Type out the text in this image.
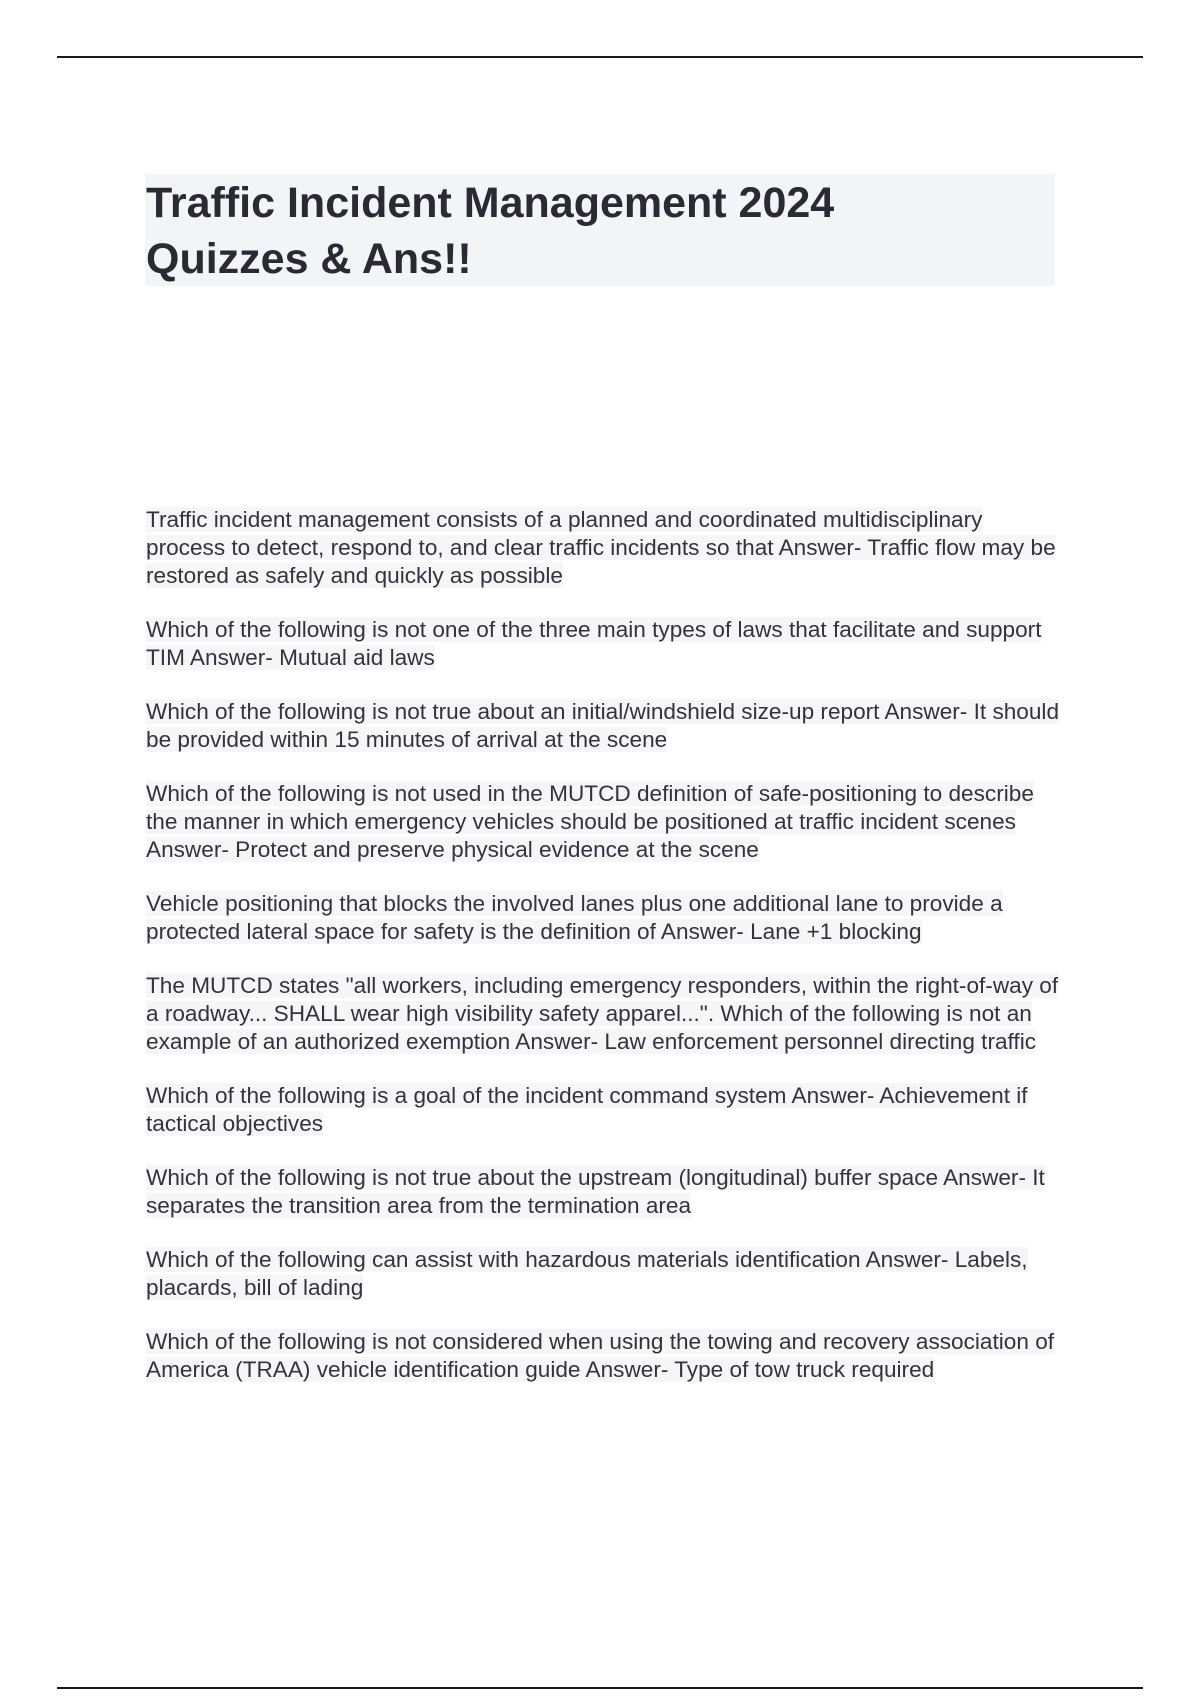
Traffic Incident Management 2024
Quizzes & Ans!!
Traffic incident management consists of a planned and coordinated multidisciplinary process to detect, respond to, and clear traffic incidents so that Answer- Traffic flow may be restored as safely and quickly as possible
Which of the following is not one of the three main types of laws that facilitate and support TIM Answer- Mutual aid laws
Which of the following is not true about an initial/windshield size-up report Answer- It should be provided within 15 minutes of arrival at the scene
Which of the following is not used in the MUTCD definition of safe-positioning to describe the manner in which emergency vehicles should be positioned at traffic incident scenes Answer- Protect and preserve physical evidence at the scene
Vehicle positioning that blocks the involved lanes plus one additional lane to provide a protected lateral space for safety is the definition of Answer- Lane +1 blocking
The MUTCD states "all workers, including emergency responders, within the right-of-way of a roadway... SHALL wear high visibility safety apparel...". Which of the following is not an example of an authorized exemption Answer- Law enforcement personnel directing traffic
Which of the following is a goal of the incident command system Answer- Achievement if tactical objectives
Which of the following is not true about the upstream (longitudinal) buffer space Answer- It separates the transition area from the termination area
Which of the following can assist with hazardous materials identification Answer- Labels, placards, bill of lading
Which of the following is not considered when using the towing and recovery association of America (TRAA) vehicle identification guide Answer- Type of tow truck required
